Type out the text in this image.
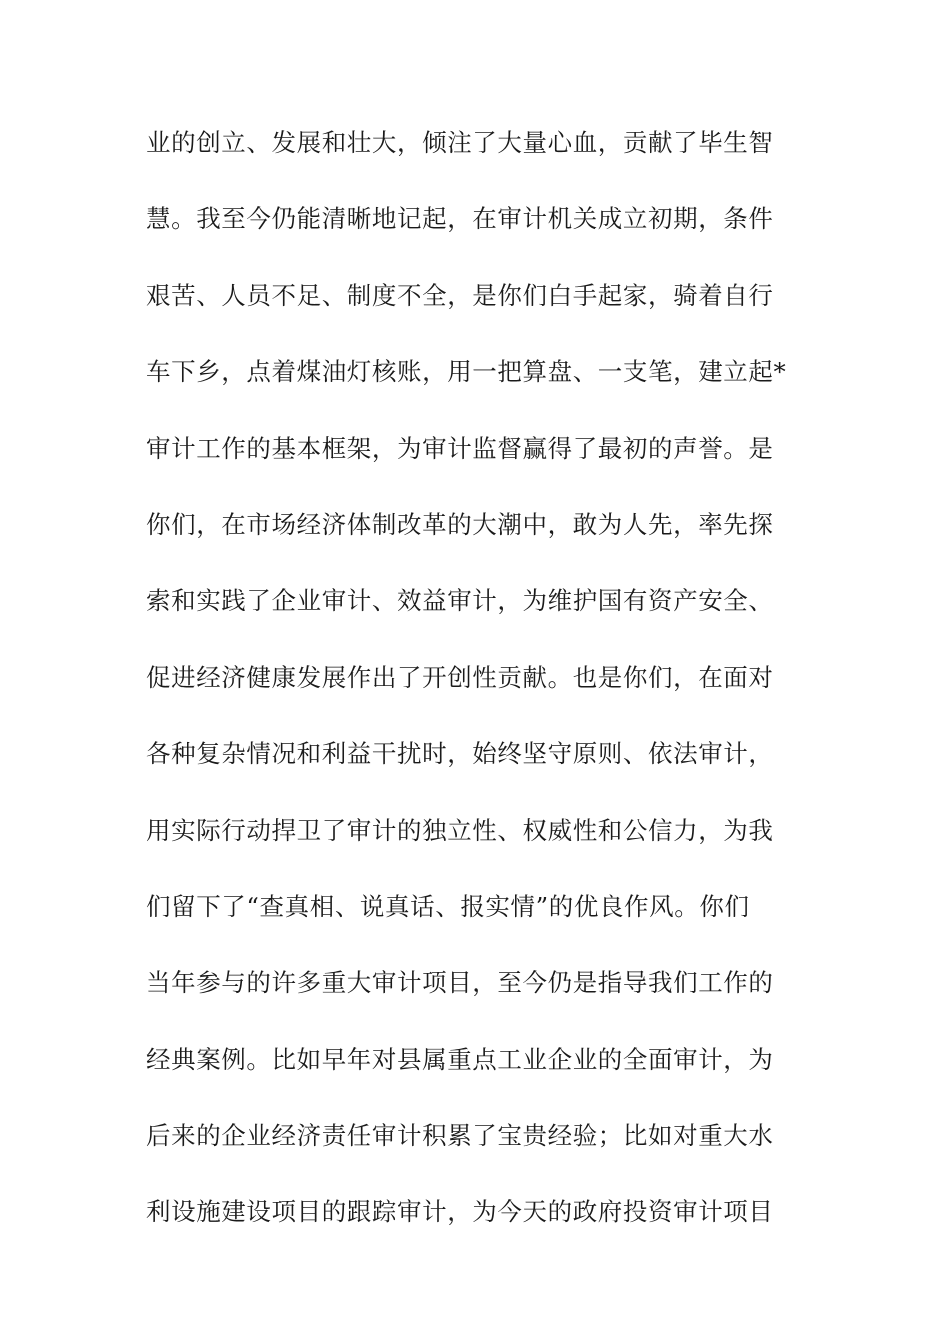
业的创立、发展和壮大，倾注了大量心血，贡献了毕生智
慧。我至今仍能清晰地记起，在审计机关成立初期，条件
艰苦、人员不足、制度不全，是你们白手起家，骑着自行
车下乡，点着煤油灯核账，用一把算盘、一支笔，建立起*
审计工作的基本框架，为审计监督赢得了最初的声誉。是
你们，在市场经济体制改革的大潮中，敢为人先，率先探
索和实践了企业审计、效益审计，为维护国有资产安全、
促进经济健康发展作出了开创性贡献。也是你们，在面对
各种复杂情况和利益干扰时，始终坚守原则、依法审计，
用实际行动捍卫了审计的独立性、权威性和公信力，为我
们留下了“查真相、说真话、报实情”的优良作风。你们
当年参与的许多重大审计项目，至今仍是指导我们工作的
经典案例。比如早年对县属重点工业企业的全面审计，为
后来的企业经济责任审计积累了宝贵经验；比如对重大水
利设施建设项目的跟踪审计，为今天的政府投资审计项目
